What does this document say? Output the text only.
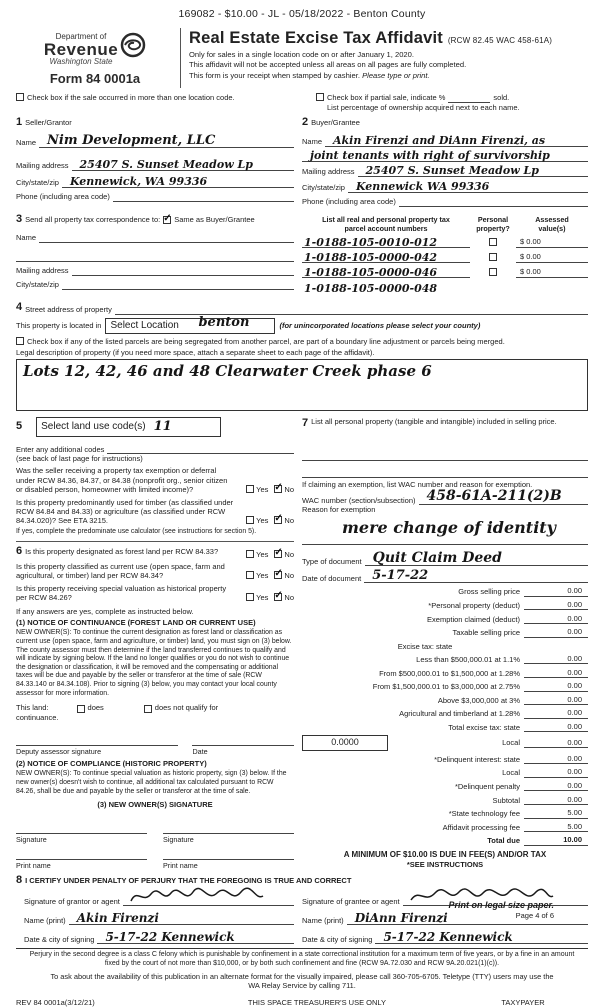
169082 - $10.00 - JL - 05/18/2022 - Benton County
Department of
Revenue
Washington State
Form 84 0001a
Real Estate Excise Tax Affidavit (RCW 82.45 WAC 458-61A)
Only for sales in a single location code on or after January 1, 2020.
This affidavit will not be accepted unless all areas on all pages are fully completed.
This form is your receipt when stamped by cashier. Please type or print.
Check box if the sale occurred in more than one location code.	Check box if partial sale, indicate %	sold.
List percentage of ownership acquired next to each name.
1 Seller/Grantor
Name Nim Development, LLC
Mailing address 25407 S. Sunset Meadow Lp
City/state/zip Kennewick, WA 99336
Phone (including area code)
2 Buyer/Grantee
Name Akin Firenzi and DiAnn Firenzi, as
joint tenants with right of survivorship
Mailing address 25407 S. Sunset Meadow Lp
City/state/zip Kennewick WA 99336
Phone (including area code)
3 Send all property tax correspondence to: ✓	Same as Buyer/Grantee
Name
Mailing address
City/state/zip
List all real and personal property tax
parcel account numbers
Personal
property?
Assessed
value(s)
1-0188-105-0010-012	$ 0.00
1-0188-105-0000-042	$ 0.00
1-0188-105-0000-046	$ 0.00
1-0188-105-0000-048
4 Street address of property
This property is located in Select Location benton	(for unincorporated locations please select your county)
Check box if any of the listed parcels are being segregated from another parcel, are part of a boundary line adjustment or parcels being merged.
Legal description of property (if you need more space, attach a separate sheet to each page of the affidavit).
Lots 12, 42, 46 and 48 Clearwater Creek phase 6
5 Select land use code(s) 11
Enter any additional codes
(see back of last page for instructions)
Was the seller receiving a property tax exemption or deferral under RCW 84.36, 84.37, or 84.38 (nonprofit org., senior citizen or disabled person, homeowner with limited income)?	Yes ✓ No
Is this property predominantly used for timber (as classified under RCW 84.84 and 84.33) or agriculture (as classified under RCW 84.34.020)? See ETA 3215.	Yes ✓ No
If yes, complete the predominate use calculator (see instructions for section 5).
6 Is this property designated as forest land per RCW 84.33?	Yes ✓ No
Is this property classified as current use (open space, farm and agricultural, or timber) land per RCW 84.34?	Yes ✓ No
Is this property receiving special valuation as historical property per RCW 84.26?	Yes ✓ No
If any answers are yes, complete as instructed below.
(1) NOTICE OF CONTINUANCE (FOREST LAND OR CURRENT USE)
NEW OWNER(S): To continue the current designation as forest land or classification as current use (open space, farm and agriculture, or timber) land, you must sign on (3) below. The county assessor must then determine if the land transferred continues to qualify and will indicate by signing below. If the land no longer qualifies or you do not wish to continue the designation or classification, it will be removed and the compensating or additional taxes will be due and payable by the seller or transferor at the time of sale (RCW 84.33.140 or 84.34.108). Prior to signing (3) below, you may contact your local county assessor for more information.
This land:	does	does not qualify for
continuance.
Deputy assessor signature	Date
(2) NOTICE OF COMPLIANCE (HISTORIC PROPERTY)
NEW OWNER(S): To continue special valuation as historic property, sign (3) below. If the new owner(s) doesn't wish to continue, all additional tax calculated pursuant to RCW 84.26, shall be due and payable by the seller or transferor at the time of sale.
(3) NEW OWNER(S) SIGNATURE
Signature	Signature
Print name	Print name
7 List all personal property (tangible and intangible) included in selling price.
If claiming an exemption, list WAC number and reason for exemption.
WAC number (section/subsection) 458-61A-211(2)B
Reason for exemption
mere change of identity
Type of document Quit Claim Deed
Date of document 5-17-22
Gross selling price	0.00
*Personal property (deduct)	0.00
Exemption claimed (deduct)	0.00
Taxable selling price	0.00
Excise tax: state
Less than $500,000.01 at 1.1%	0.00
From $500,000.01 to $1,500,000 at 1.28%	0.00
From $1,500,000.01 to $3,000,000 at 2.75%	0.00
Above $3,000,000 at 3%	0.00
Agricultural and timberland at 1.28%	0.00
Total excise tax: state	0.00
0.0000	Local	0.00
*Delinquent interest: state	0.00
Local	0.00
*Delinquent penalty	0.00
Subtotal	0.00
*State technology fee	5.00
Affidavit processing fee	5.00
Total due	10.00
A MINIMUM OF $10.00 IS DUE IN FEE(S) AND/OR TAX
*SEE INSTRUCTIONS
8 I CERTIFY UNDER PENALTY OF PERJURY THAT THE FOREGOING IS TRUE AND CORRECT
Signature of grantor or agent
Name (print) Akin Firenzi
Date & city of signing 5-17-22 Kennewick
Signature of grantee or agent
Name (print) DiAnn Firenzi
Date & city of signing 5-17-22 Kennewick
Perjury in the second degree is a class C felony which is punishable by confinement in a state correctional institution for a maximum term of five years, or by a fine in an amount fixed by the court of not more than $10,000, or by both such confinement and fine (RCW 9A.72.030 and RCW 9A.20.021(1)(c)).
To ask about the availability of this publication in an alternate format for the visually impaired, please call 360-705-6705. Teletype (TTY) users may use the WA Relay Service by calling 711.
REV 84 0001a(3/12/21)	THIS SPACE TREASURER'S USE ONLY	TAXYPAYER
Print on legal size paper.
Page 4 of 6
